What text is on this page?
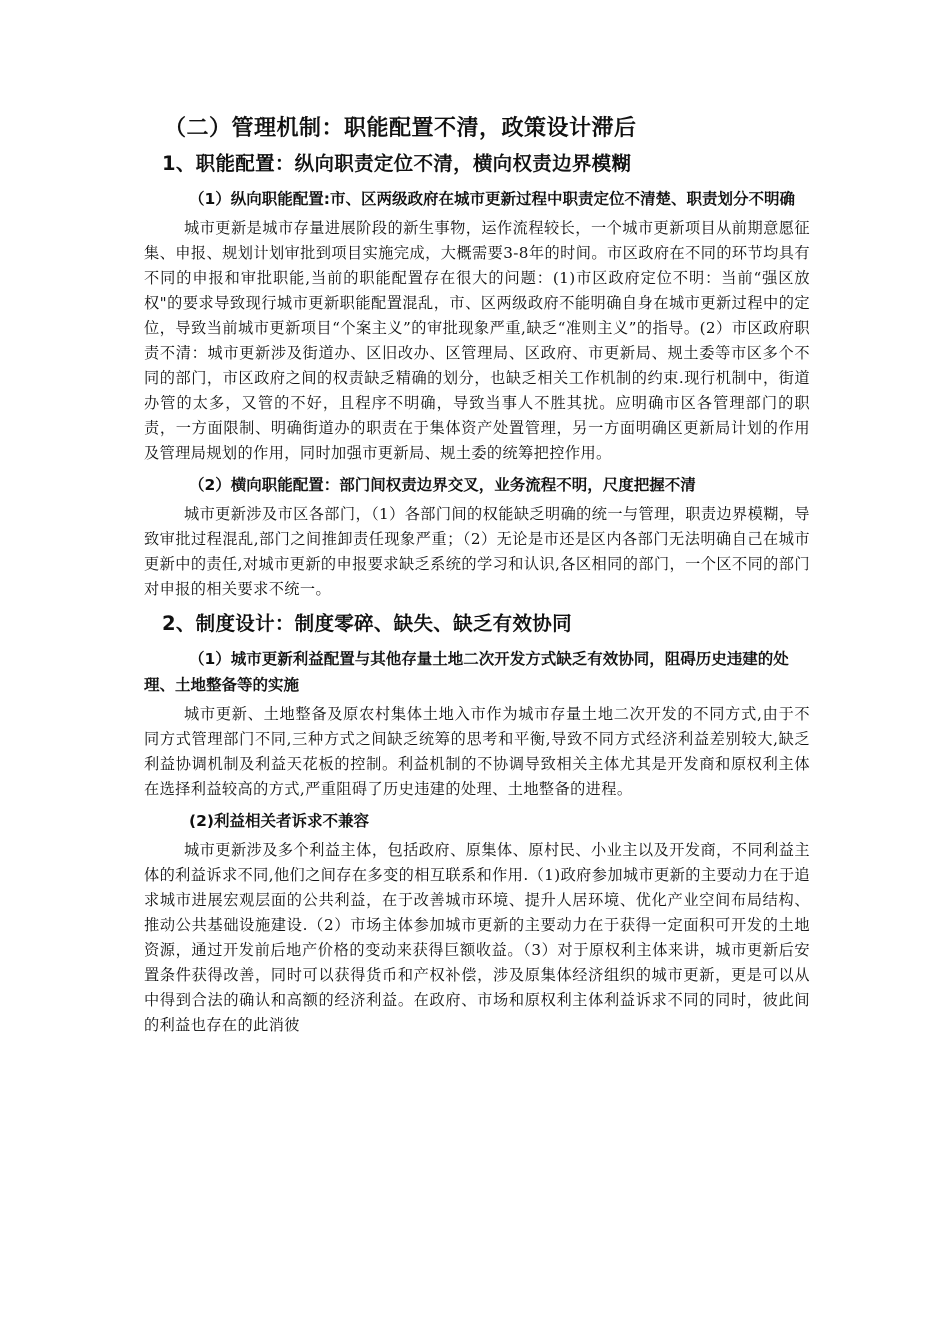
（二）管理机制：职能配置不清，政策设计滞后
1、职能配置：纵向职责定位不清，横向权责边界模糊
（1）纵向职能配置:市、区两级政府在城市更新过程中职责定位不清楚、职责划分不明确
城市更新是城市存量进展阶段的新生事物，运作流程较长，一个城市更新项目从前期意愿征集、申报、规划计划审批到项目实施完成，大概需要3-8年的时间。市区政府在不同的环节均具有不同的申报和审批职能,当前的职能配置存在很大的问题：(1)市区政府定位不明：当前“强区放权"的要求导致现行城市更新职能配置混乱，市、区两级政府不能明确自身在城市更新过程中的定位，导致当前城市更新项目“个案主义”的审批现象严重,缺乏“准则主义”的指导。(2）市区政府职责不清：城市更新涉及街道办、区旧改办、区管理局、区政府、市更新局、规土委等市区多个不同的部门，市区政府之间的权责缺乏精确的划分，也缺乏相关工作机制的约束.现行机制中，街道办管的太多，又管的不好，且程序不明确，导致当事人不胜其扰。应明确市区各管理部门的职责，一方面限制、明确街道办的职责在于集体资产处置管理，另一方面明确区更新局计划的作用及管理局规划的作用，同时加强市更新局、规土委的统筹把控作用。
（2）横向职能配置：部门间权责边界交叉，业务流程不明，尺度把握不清
城市更新涉及市区各部门，（1）各部门间的权能缺乏明确的统一与管理，职责边界模糊，导致审批过程混乱,部门之间推卸责任现象严重；（2）无论是市还是区内各部门无法明确自己在城市更新中的责任,对城市更新的申报要求缺乏系统的学习和认识,各区相同的部门，一个区不同的部门对申报的相关要求不统一。
2、制度设计：制度零碎、缺失、缺乏有效协同
（1）城市更新利益配置与其他存量土地二次开发方式缺乏有效协同，阻碍历史违建的处理、土地整备等的实施
城市更新、土地整备及原农村集体土地入市作为城市存量土地二次开发的不同方式,由于不同方式管理部门不同,三种方式之间缺乏统筹的思考和平衡,导致不同方式经济利益差别较大,缺乏利益协调机制及利益天花板的控制。利益机制的不协调导致相关主体尤其是开发商和原权利主体在选择利益较高的方式,严重阻碍了历史违建的处理、土地整备的进程。
(2)利益相关者诉求不兼容
城市更新涉及多个利益主体，包括政府、原集体、原村民、小业主以及开发商，不同利益主体的利益诉求不同,他们之间存在多变的相互联系和作用.（1)政府参加城市更新的主要动力在于追求城市进展宏观层面的公共利益，在于改善城市环境、提升人居环境、优化产业空间布局结构、推动公共基础设施建设.（2）市场主体参加城市更新的主要动力在于获得一定面积可开发的土地资源，通过开发前后地产价格的变动来获得巨额收益。（3）对于原权利主体来讲，城市更新后安置条件获得改善，同时可以获得货币和产权补偿，涉及原集体经济组织的城市更新，更是可以从中得到合法的确认和高额的经济利益。在政府、市场和原权利主体利益诉求不同的同时，彼此间的利益也存在的此消彼
